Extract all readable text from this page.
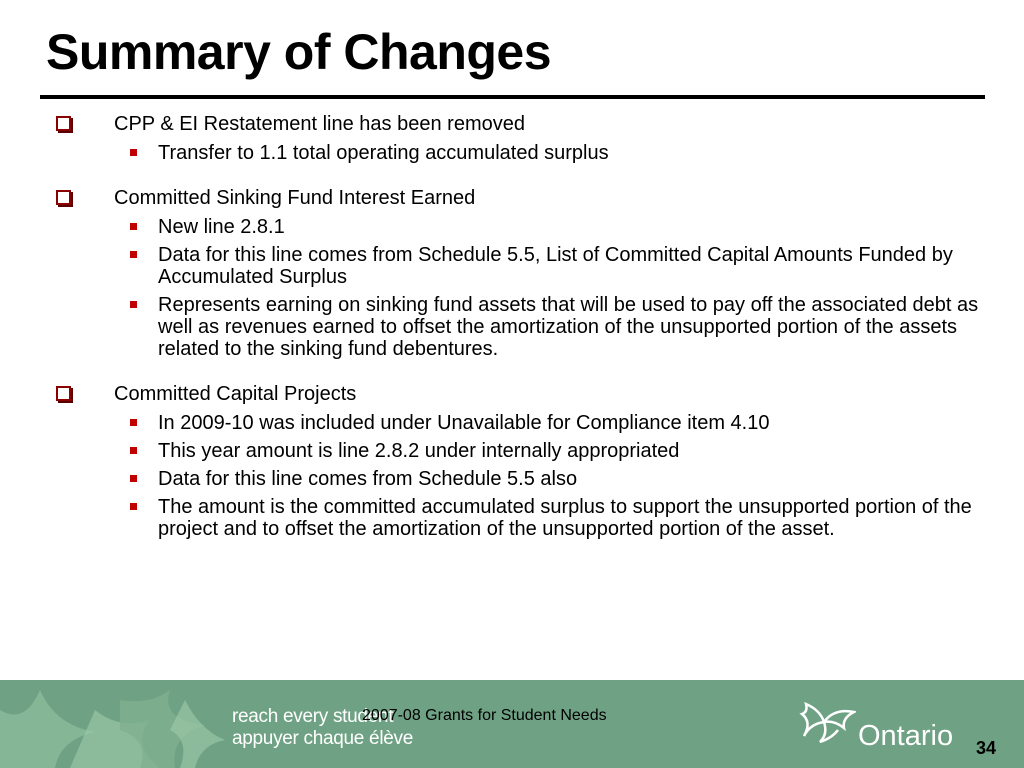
Summary of Changes
CPP & EI Restatement line has been removed
Transfer to 1.1 total operating accumulated surplus
Committed Sinking Fund Interest Earned
New line 2.8.1
Data for this line comes from Schedule 5.5, List of Committed Capital Amounts Funded by Accumulated Surplus
Represents earning on sinking fund assets that will be used to pay off the associated debt as well as revenues earned to offset the amortization of the unsupported portion of the assets related to the sinking fund debentures.
Committed Capital Projects
In 2009-10 was included under Unavailable for Compliance item 4.10
This year amount is line 2.8.2 under internally appropriated
Data for this line comes from Schedule 5.5 also
The amount is the committed accumulated surplus to support the unsupported portion of the project and to offset the amortization of the unsupported portion of the asset.
reach every student
appuyer chaque élève
2007-08 Grants for Student Needs
Ontario 34
